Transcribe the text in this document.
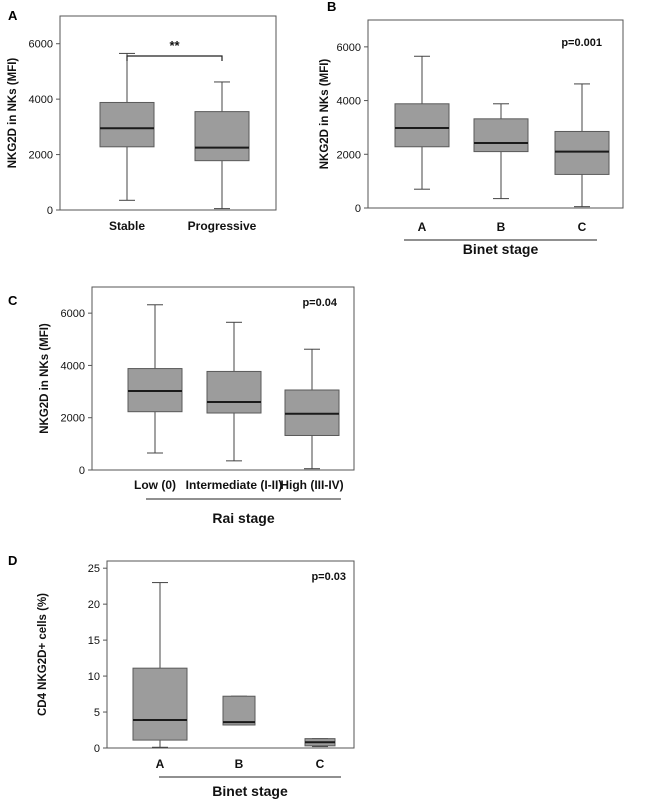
A
0
2000
4000
6000
NKG2D in NKs (MFI)
Stable	Progressive
**
B
0
2000
4000
6000
NKG2D in NKs (MFI)
A	B	C
Binet stage
p=0.001
C
0
2000
4000
6000
NKG2D in NKs (MFI)
Low (0) Intermediate (I-II)
High (III-IV)
Rai stage
p=0.04
D
0
5
10
15
20
25
CD4 NKG2D+ cells (%)
A	B	C
Binet stage
p=0.03
